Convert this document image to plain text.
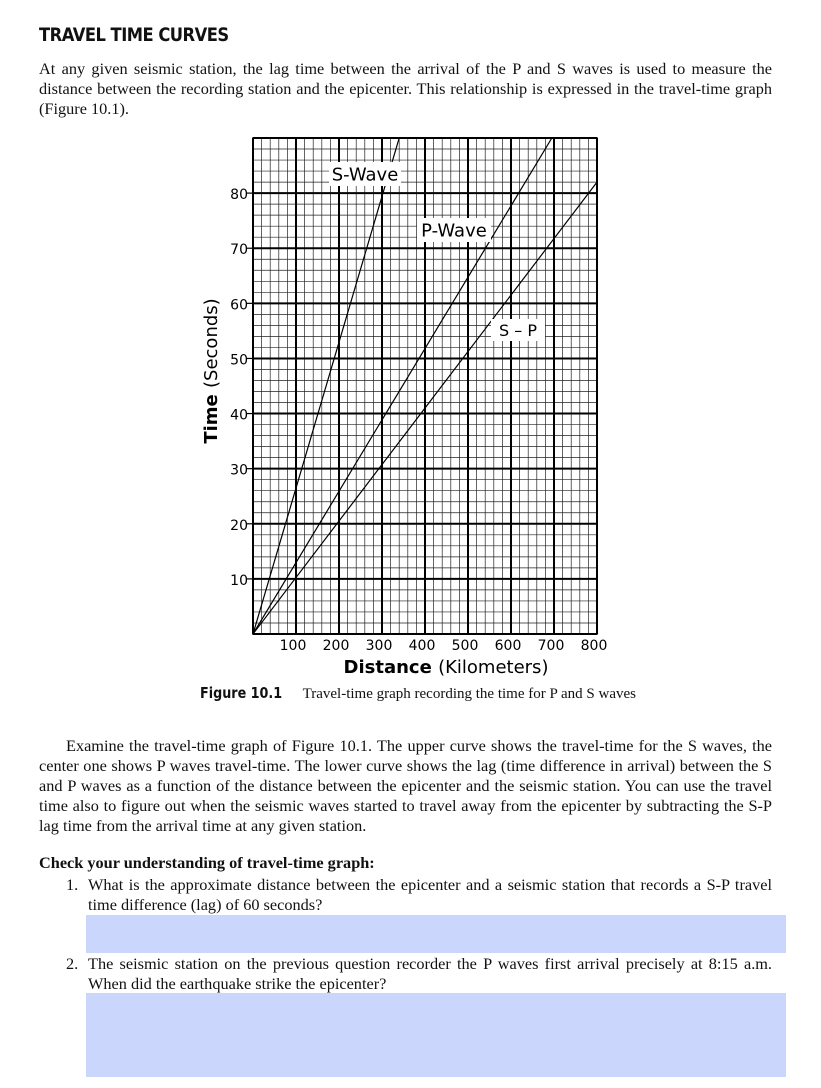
TRAVEL TIME CURVES
At any given seismic station, the lag time between the arrival of the P and S waves is used to measure the distance between the recording station and the epicenter. This relationship is expressed in the travel-time graph (Figure 10.1).
10
20
30
40
50
60
70
80
100 200 300 400 500 600 700 800
S-Wave
P-Wave
S – P
Distance (Kilometers)
Time (Seconds)
Figure 10.1 Travel-time graph recording the time for P and S waves
Examine the travel-time graph of Figure 10.1. The upper curve shows the travel-time for the S waves, the center one shows P waves travel-time. The lower curve shows the lag (time difference in arrival) between the S and P waves as a function of the distance between the epicenter and the seismic station. You can use the travel time also to figure out when the seismic waves started to travel away from the epicenter by subtracting the S-P lag time from the arrival time at any given station.
Check your understanding of travel-time graph:
1. What is the approximate distance between the epicenter and a seismic station that records a S-P travel time difference (lag) of 60 seconds?
2. The seismic station on the previous question recorder the P waves first arrival precisely at 8:15 a.m. When did the earthquake strike the epicenter?
